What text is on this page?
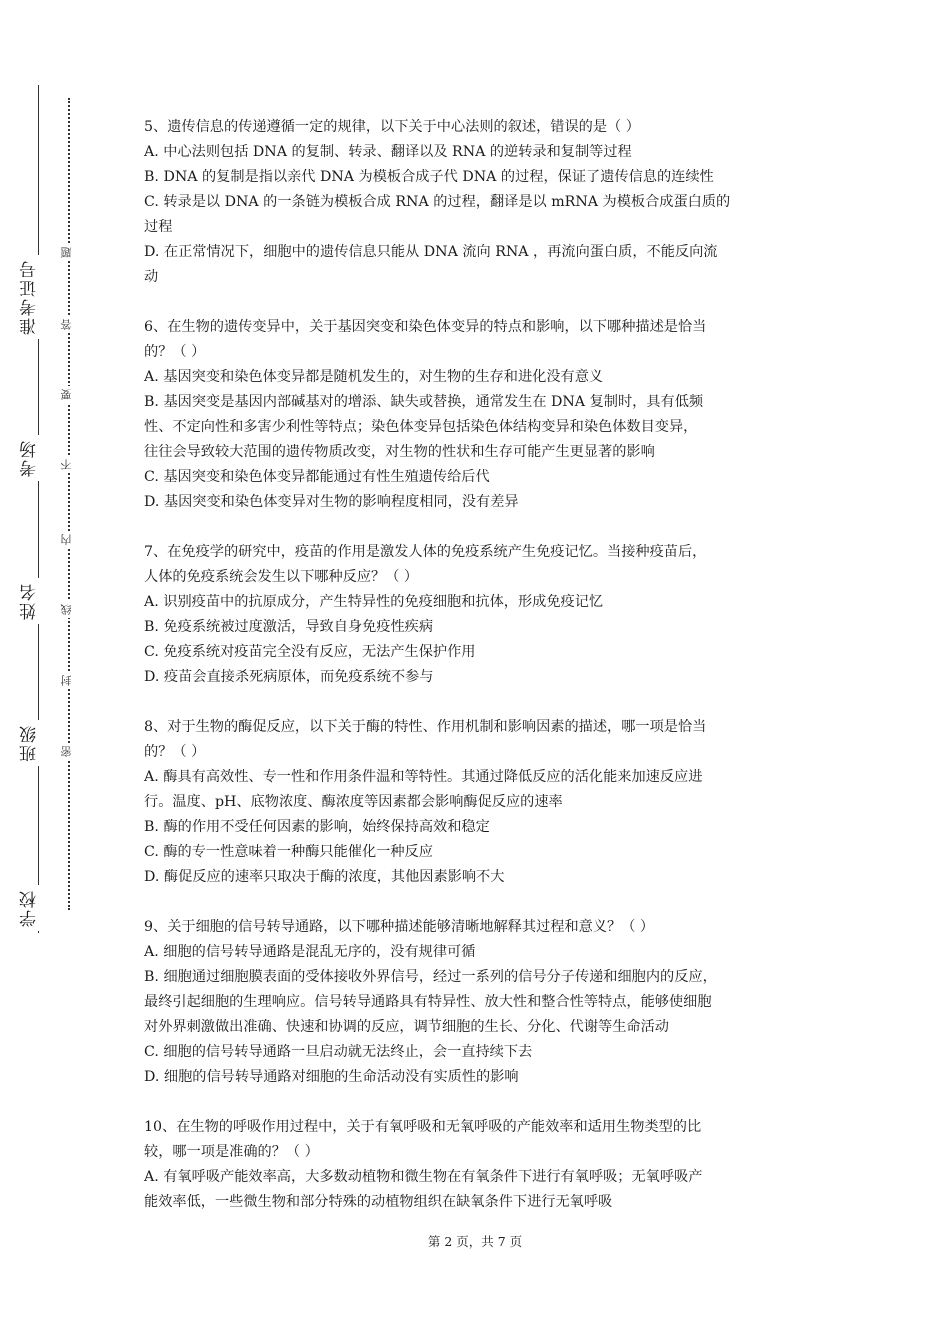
准考证号
考场
姓名
班级
学校
题
答
要
不
内
线
封
密
5、遗传信息的传递遵循一定的规律，以下关于中心法则的叙述，错误的是（ ）
A. 中心法则包括 DNA 的复制、转录、翻译以及 RNA 的逆转录和复制等过程
B. DNA 的复制是指以亲代 DNA 为模板合成子代 DNA 的过程，保证了遗传信息的连续性
C. 转录是以 DNA 的一条链为模板合成 RNA 的过程，翻译是以 mRNA 为模板合成蛋白质的
过程
D. 在正常情况下，细胞中的遗传信息只能从 DNA 流向 RNA ，再流向蛋白质，不能反向流
动
6、在生物的遗传变异中，关于基因突变和染色体变异的特点和影响，以下哪种描述是恰当
的？（ ）
A. 基因突变和染色体变异都是随机发生的，对生物的生存和进化没有意义
B. 基因突变是基因内部碱基对的增添、缺失或替换，通常发生在 DNA 复制时，具有低频
性、不定向性和多害少利性等特点；染色体变异包括染色体结构变异和染色体数目变异，
往往会导致较大范围的遗传物质改变，对生物的性状和生存可能产生更显著的影响
C. 基因突变和染色体变异都能通过有性生殖遗传给后代
D. 基因突变和染色体变异对生物的影响程度相同，没有差异
7、在免疫学的研究中，疫苗的作用是激发人体的免疫系统产生免疫记忆。当接种疫苗后，
人体的免疫系统会发生以下哪种反应？（ ）
A. 识别疫苗中的抗原成分，产生特异性的免疫细胞和抗体，形成免疫记忆
B. 免疫系统被过度激活，导致自身免疫性疾病
C. 免疫系统对疫苗完全没有反应，无法产生保护作用
D. 疫苗会直接杀死病原体，而免疫系统不参与
8、对于生物的酶促反应，以下关于酶的特性、作用机制和影响因素的描述，哪一项是恰当
的？（ ）
A. 酶具有高效性、专一性和作用条件温和等特性。其通过降低反应的活化能来加速反应进
行。温度、pH、底物浓度、酶浓度等因素都会影响酶促反应的速率
B. 酶的作用不受任何因素的影响，始终保持高效和稳定
C. 酶的专一性意味着一种酶只能催化一种反应
D. 酶促反应的速率只取决于酶的浓度，其他因素影响不大
9、关于细胞的信号转导通路，以下哪种描述能够清晰地解释其过程和意义？（ ）
A. 细胞的信号转导通路是混乱无序的，没有规律可循
B. 细胞通过细胞膜表面的受体接收外界信号，经过一系列的信号分子传递和细胞内的反应，
最终引起细胞的生理响应。信号转导通路具有特异性、放大性和整合性等特点，能够使细胞
对外界刺激做出准确、快速和协调的反应，调节细胞的生长、分化、代谢等生命活动
C. 细胞的信号转导通路一旦启动就无法终止，会一直持续下去
D. 细胞的信号转导通路对细胞的生命活动没有实质性的影响
10、在生物的呼吸作用过程中，关于有氧呼吸和无氧呼吸的产能效率和适用生物类型的比
较，哪一项是准确的？（ ）
A. 有氧呼吸产能效率高，大多数动植物和微生物在有氧条件下进行有氧呼吸；无氧呼吸产
能效率低，一些微生物和部分特殊的动植物组织在缺氧条件下进行无氧呼吸
第 2 页，共 7 页
